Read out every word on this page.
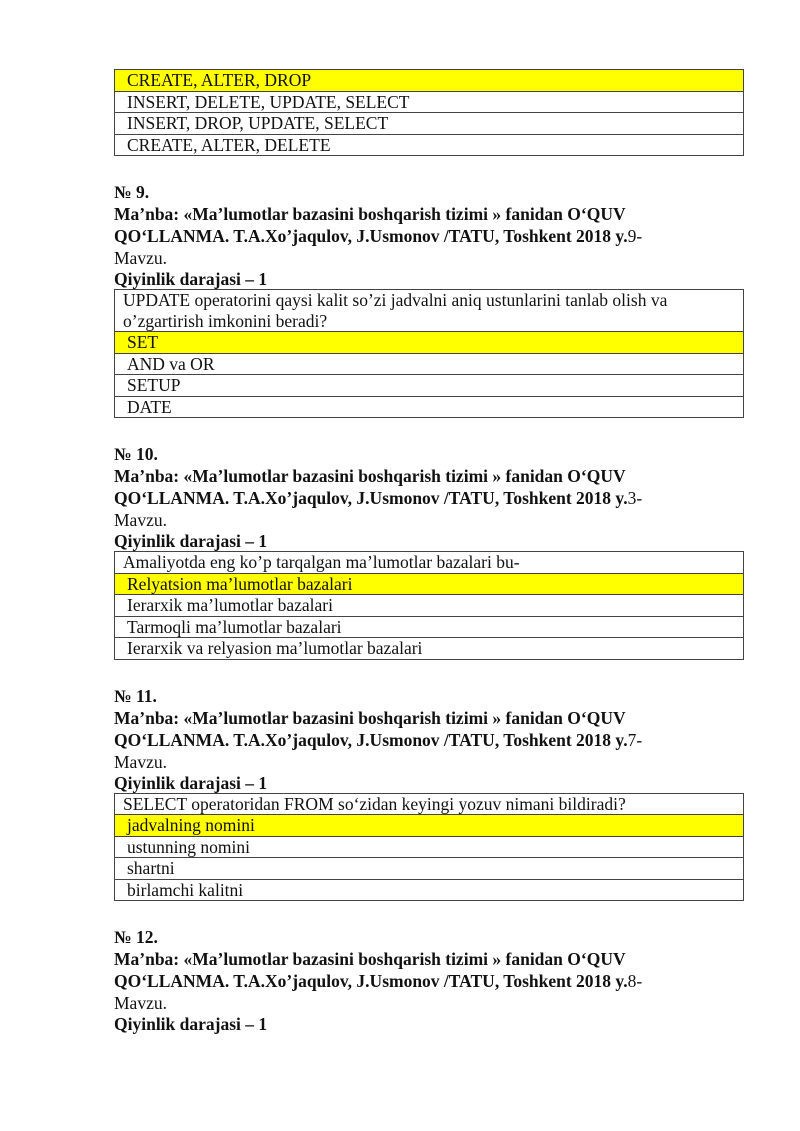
CREATE, ALTER, DROP
INSERT, DELETE, UPDATE, SELECT
INSERT, DROP, UPDATE, SELECT
CREATE, ALTER, DELETE
№ 9.
Ma’nba: «Ma’lumotlar bazasini boshqarish tizimi » fanidan O‘QUV QO‘LLANMA. T.A.Xo’jaqulov, J.Usmonov /TATU, Toshkent 2018 y.9-
Mavzu.
Qiyinlik darajasi – 1
UPDATE operatorini qaysi kalit so’zi jadvalni aniq ustunlarini tanlab olish va o’zgartirish imkonini beradi?
SET
AND va OR
SETUP
DATE
№ 10.
Ma’nba: «Ma’lumotlar bazasini boshqarish tizimi » fanidan O‘QUV QO‘LLANMA. T.A.Xo’jaqulov, J.Usmonov /TATU, Toshkent 2018 y.3-
Mavzu.
Qiyinlik darajasi – 1
Amaliyotda eng ko’p tarqalgan ma’lumotlar bazalari bu-
Relyatsion ma’lumotlar bazalari
Ierarxik ma’lumotlar bazalari
Tarmoqli ma’lumotlar bazalari
Ierarxik va relyasion ma’lumotlar bazalari
№ 11.
Ma’nba: «Ma’lumotlar bazasini boshqarish tizimi » fanidan O‘QUV QO‘LLANMA. T.A.Xo’jaqulov, J.Usmonov /TATU, Toshkent 2018 y.7-
Mavzu.
Qiyinlik darajasi – 1
SELECT operatoridan FROM so‘zidan keyingi yozuv nimani bildiradi?
jadvalning nomini
ustunning nomini
shartni
birlamchi kalitni
№ 12.
Ma’nba: «Ma’lumotlar bazasini boshqarish tizimi » fanidan O‘QUV QO‘LLANMA. T.A.Xo’jaqulov, J.Usmonov /TATU, Toshkent 2018 y.8-
Mavzu.
Qiyinlik darajasi – 1
